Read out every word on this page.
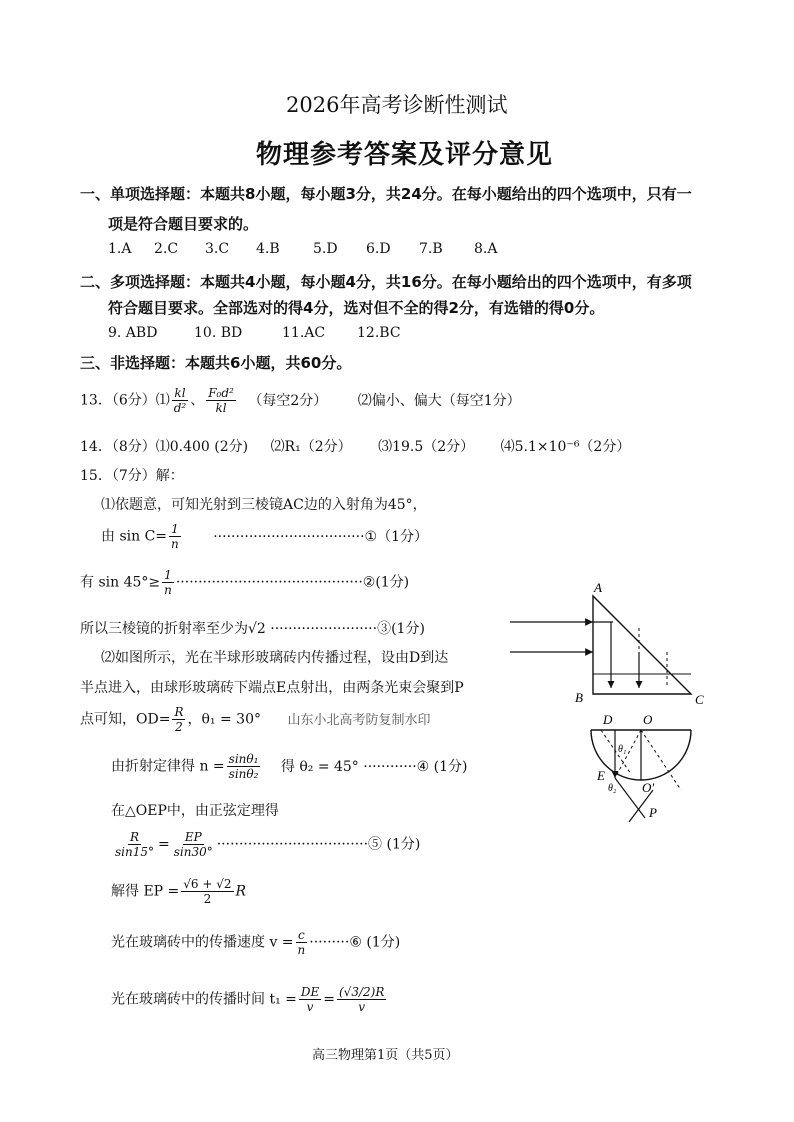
2026年高考诊断性测试
物理参考答案及评分意见
一、单项选择题：本题共8小题，每小题3分，共24分。在每小题给出的四个选项中，只有一
项是符合题目要求的。
1.A 2.C 3.C 4.B 5.D 6.D 7.B 8.A
二、多项选择题：本题共4小题，每小题4分，共16分。在每小题给出的四个选项中，有多项
符合题目要求。全部选对的得4分，选对但不全的得2分，有选错的得0分。
9. ABD	10. BD	11.AC 12.BC
三、非选择题：本题共6小题，共60分。
13．（6分）⑴ $\frac{kl}{\text{d²}}$ 、 $\frac{\text{F₀d²}}{kl}$ （每空2分） ⑵偏小、偏大（每空1分）
14．（8分）⑴0.400 (2分) ⑵R₁（2分） ⑶19.5（2分） ⑷5.1×10⁻⁶（2分）
15．（7分）解：
⑴依题意，可知光射到三棱镜AC边的入射角为45°，
由 $\sin C= \frac{1}{n}$ ··································①（1分）
有 $\sin 45^\circ\ge \frac{1}{n}$ ··········································②(1分)
所以三棱镜的折射率至少为√2 ························③(1分)
⑵如图所示，光在半球形玻璃砖内传播过程，设由D到达
半点进入，由球形玻璃砖下端点E点射出，由两条光束会聚到P
点可知，$OD= \frac{R}{2}$ ，θ₁ = 30° 山东小北高考防复制水印
由折射定律得 $n = \frac{\text{sinθ₁}}{\text{sinθ₂}}$ 得 θ₂ = 45° ············④ (1分)
在△OEP中，由正弦定理得
$\frac{R}{\sin 15^\circ} = \frac{EP}{\sin 30^\circ}$ ··································⑤ (1分)
解得 EP = $\frac{√6 + √2}{2}$ R
光在玻璃砖中的传播速度 $v = \frac{c}{n}$ ·········⑥ (1分)
光在玻璃砖中的传播时间 $t_1 = \frac{DE}{v} = \frac{(√3/2)R}{v}$
A
B	C
D O
θ₁
E
θ₂ O′
P
高三物理第1页（共5页）
